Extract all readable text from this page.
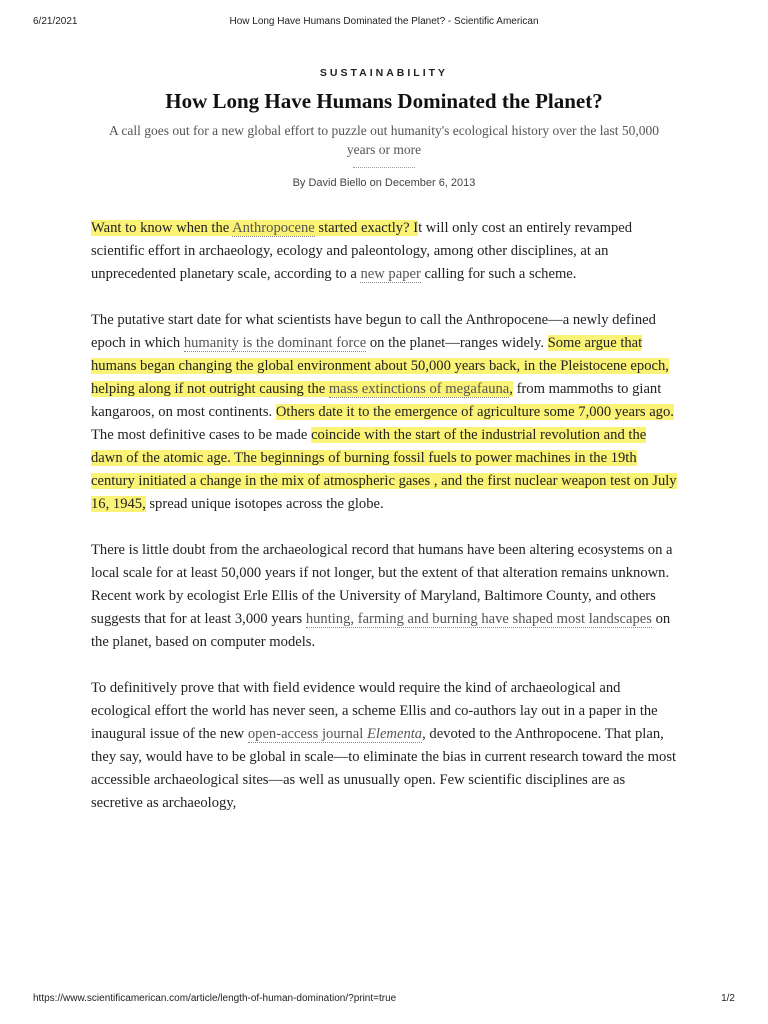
6/21/2021	How Long Have Humans Dominated the Planet? - Scientific American
SUSTAINABILITY
How Long Have Humans Dominated the Planet?
A call goes out for a new global effort to puzzle out humanity's ecological history over the last 50,000 years or more
By David Biello on December 6, 2013

Want to know when the Anthropocene started exactly? It will only cost an entirely revamped scientific effort in archaeology, ecology and paleontology, among other disciplines, at an unprecedented planetary scale, according to a new paper calling for such a scheme.

The putative start date for what scientists have begun to call the Anthropocene—a newly defined epoch in which humanity is the dominant force on the planet—ranges widely. Some argue that humans began changing the global environment about 50,000 years back, in the Pleistocene epoch, helping along if not outright causing the mass extinctions of megafauna, from mammoths to giant kangaroos, on most continents. Others date it to the emergence of agriculture some 7,000 years ago. The most definitive cases to be made coincide with the start of the industrial revolution and the dawn of the atomic age. The beginnings of burning fossil fuels to power machines in the 19th century initiated a change in the mix of atmospheric gases , and the first nuclear weapon test on July 16, 1945, spread unique isotopes across the globe.

There is little doubt from the archaeological record that humans have been altering ecosystems on a local scale for at least 50,000 years if not longer, but the extent of that alteration remains unknown. Recent work by ecologist Erle Ellis of the University of Maryland, Baltimore County, and others suggests that for at least 3,000 years hunting, farming and burning have shaped most landscapes on the planet, based on computer models.

To definitively prove that with field evidence would require the kind of archaeological and ecological effort the world has never seen, a scheme Ellis and co-authors lay out in a paper in the inaugural issue of the new open-access journal Elementa, devoted to the Anthropocene. That plan, they say, would have to be global in scale—to eliminate the bias in current research toward the most accessible archaeological sites—as well as unusually open. Few scientific disciplines are as secretive as archaeology,

https://www.scientificamerican.com/article/length-of-human-domination/?print=true	1/2
